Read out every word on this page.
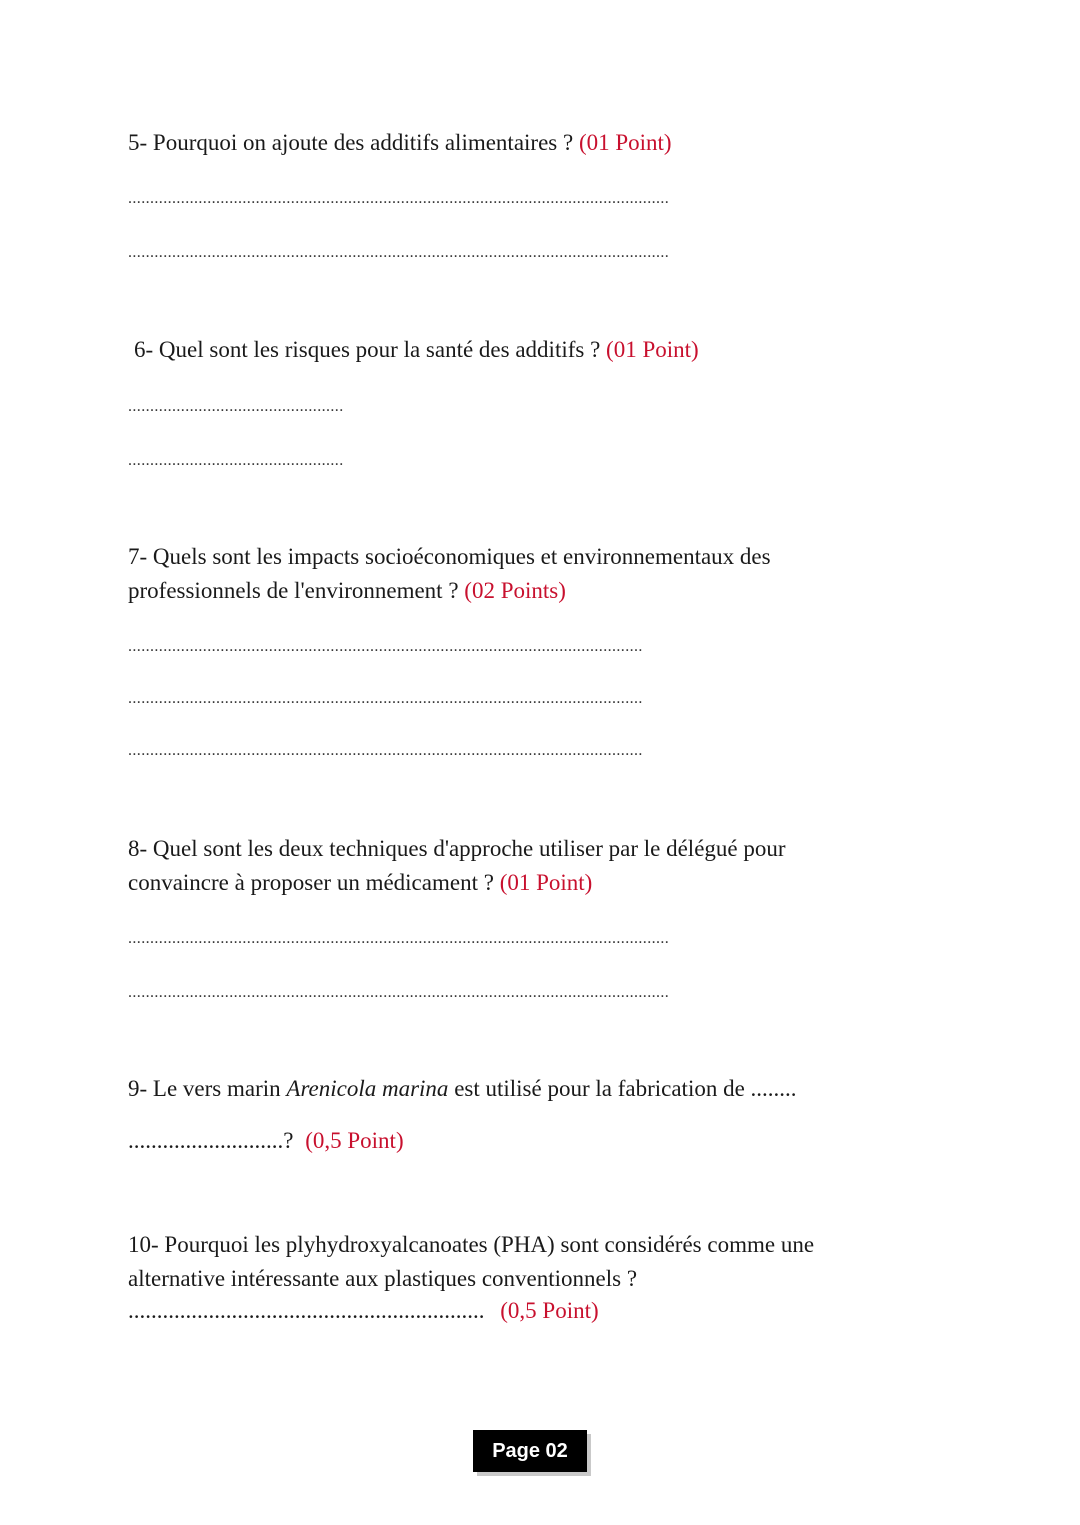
5- Pourquoi on ajoute des additifs alimentaires ? (01 Point)
...........................................................................................................................
...........................................................................................................................
6- Quel sont les risques pour la santé des additifs ? (01 Point)
.................................................
.................................................
7- Quels sont les impacts socioéconomiques et environnementaux des
professionnels de l'environnement ? (02 Points)
.....................................................................................................................
.....................................................................................................................
.....................................................................................................................
8- Quel sont les deux techniques d'approche utiliser par le délégué pour
convaincre à proposer un médicament ? (01 Point)
...........................................................................................................................
...........................................................................................................................
9- Le vers marin Arenicola marina est utilisé pour la fabrication de ........
...........................? (0,5 Point)
10- Pourquoi les plyhydroxyalcanoates (PHA) sont considérés comme une
alternative intéressante aux plastiques conventionnels ?
.............................................................. (0,5 Point)
Page 02
